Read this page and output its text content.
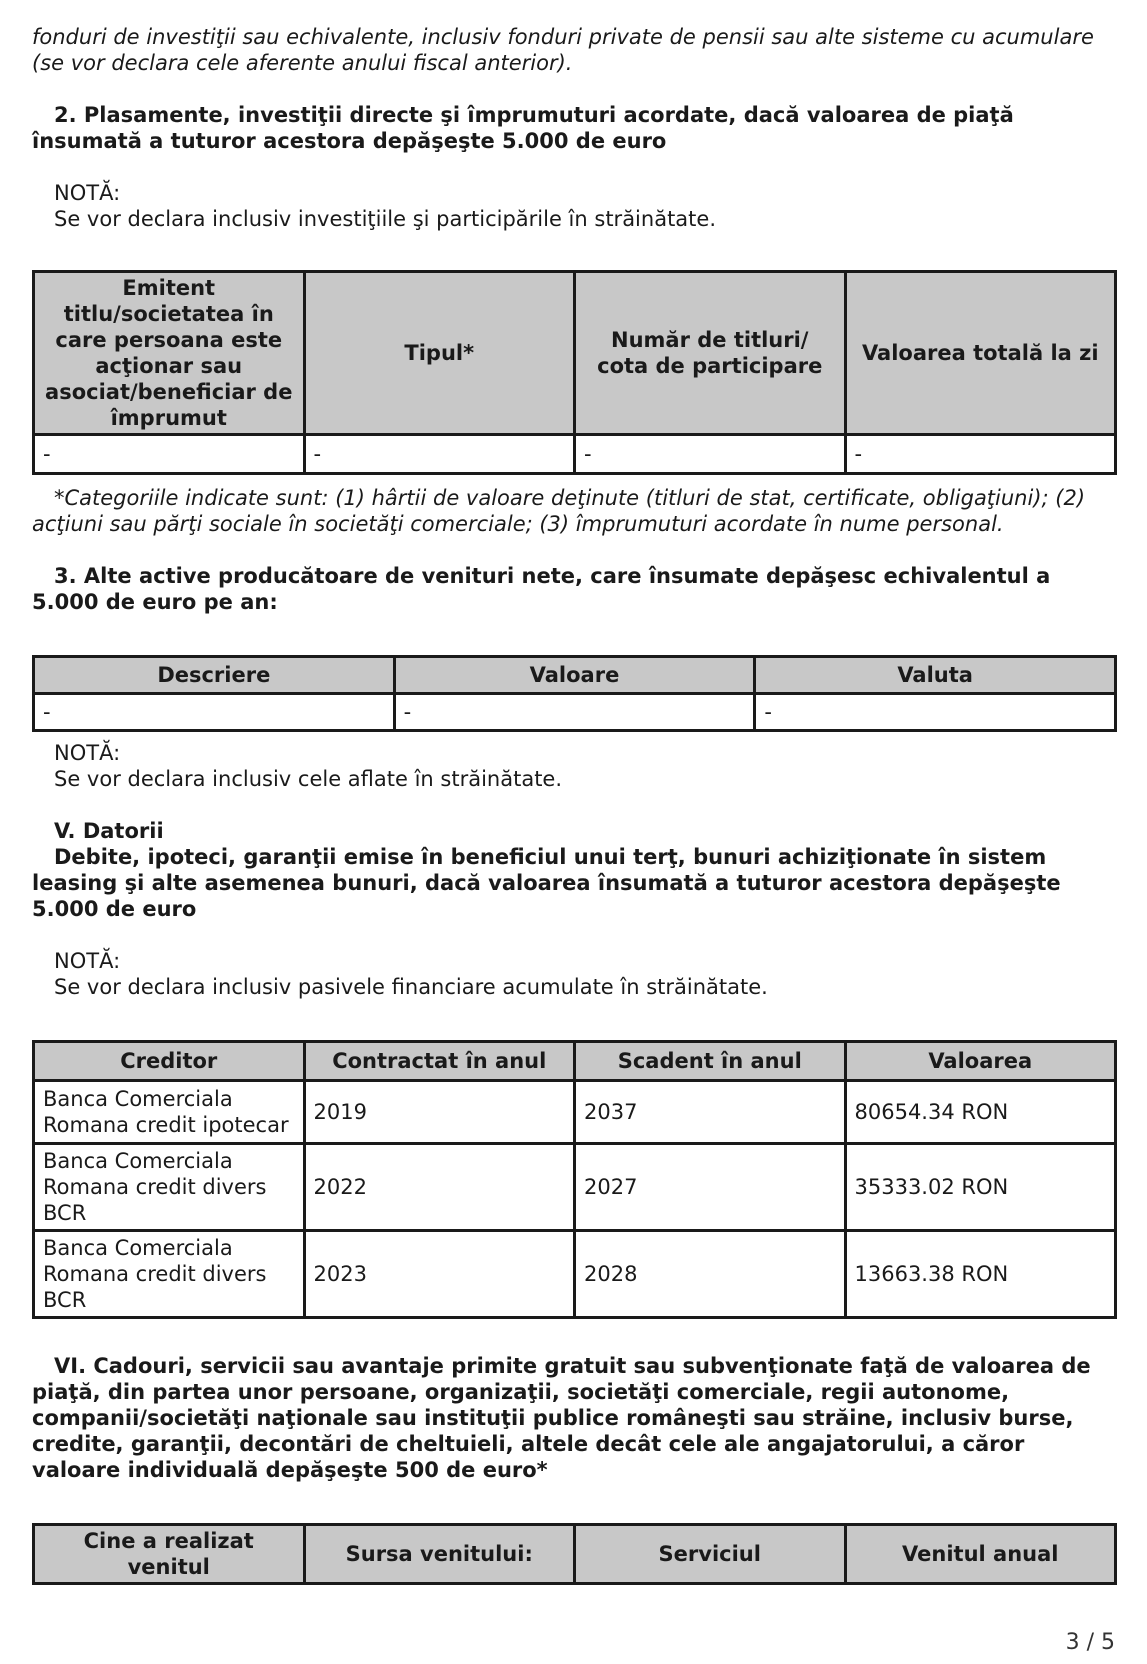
fonduri de investiţii sau echivalente, inclusiv fonduri private de pensii sau alte sisteme cu acumulare (se vor declara cele aferente anului fiscal anterior).

2. Plasamente, investiţii directe şi împrumuturi acordate, dacă valoarea de piaţă însumată a tuturor acestora depăşeşte 5.000 de euro

NOTĂ:

Se vor declara inclusiv investiţiile şi participările în străinătate.

Emitent titlu/societatea în care persoana este acţionar sau asociat/beneficiar de împrumut	Tipul*	Număr de titluri/ cota de participare	Valoarea totală la zi
-	-	-	-

*Categoriile indicate sunt: (1) hârtii de valoare deţinute (titluri de stat, certificate, obligaţiuni); (2) acţiuni sau părţi sociale în societăţi comerciale; (3) împrumuturi acordate în nume personal.

3. Alte active producătoare de venituri nete, care însumate depăşesc echivalentul a 5.000 de euro pe an:

Descriere	Valoare	Valuta
-	-	-

NOTĂ:

Se vor declara inclusiv cele aflate în străinătate.

V. Datorii

Debite, ipoteci, garanţii emise în beneficiul unui terţ, bunuri achiziţionate în sistem leasing şi alte asemenea bunuri, dacă valoarea însumată a tuturor acestora depăşeşte 5.000 de euro

NOTĂ:

Se vor declara inclusiv pasivele financiare acumulate în străinătate.

Creditor	Contractat în anul	Scadent în anul	Valoarea
Banca Comerciala Romana credit ipotecar	2019	2037	80654.34 RON
Banca Comerciala Romana credit divers BCR	2022	2027	35333.02 RON
Banca Comerciala Romana credit divers BCR	2023	2028	13663.38 RON

VI. Cadouri, servicii sau avantaje primite gratuit sau subvenţionate faţă de valoarea de piaţă, din partea unor persoane, organizaţii, societăţi comerciale, regii autonome, companii/societăţi naţionale sau instituţii publice româneşti sau străine, inclusiv burse, credite, garanţii, decontări de cheltuieli, altele decât cele ale angajatorului, a căror valoare individuală depăşeşte 500 de euro*

Cine a realizat venitul	Sursa venitului:	Serviciul	Venitul anual
3 / 5
